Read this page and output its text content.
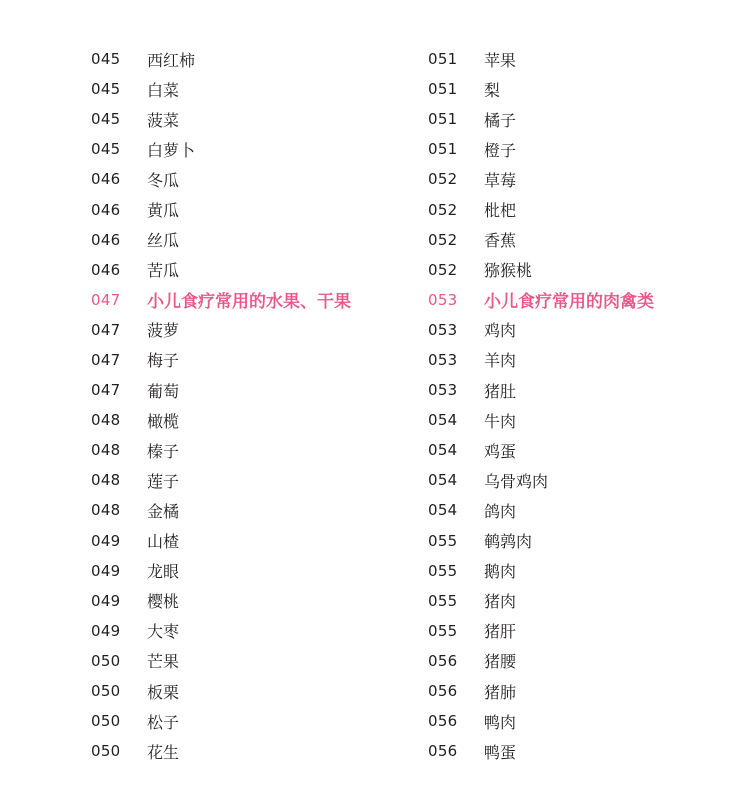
045	西红柿
045	白菜
045	菠菜
045	白萝卜
046	冬瓜
046	黄瓜
046	丝瓜
046	苦瓜
047	小儿食疗常用的水果、干果
047	菠萝
047	梅子
047	葡萄
048	橄榄
048	榛子
048	莲子
048	金橘
049	山楂
049	龙眼
049	樱桃
049	大枣
050	芒果
050	板栗
050	松子
050	花生
051	苹果
051	梨
051	橘子
051	橙子
052	草莓
052	枇杷
052	香蕉
052	猕猴桃
053	小儿食疗常用的肉禽类
053	鸡肉
053	羊肉
053	猪肚
054	牛肉
054	鸡蛋
054	乌骨鸡肉
054	鸽肉
055	鹌鹑肉
055	鹅肉
055	猪肉
055	猪肝
056	猪腰
056	猪肺
056	鸭肉
056	鸭蛋
